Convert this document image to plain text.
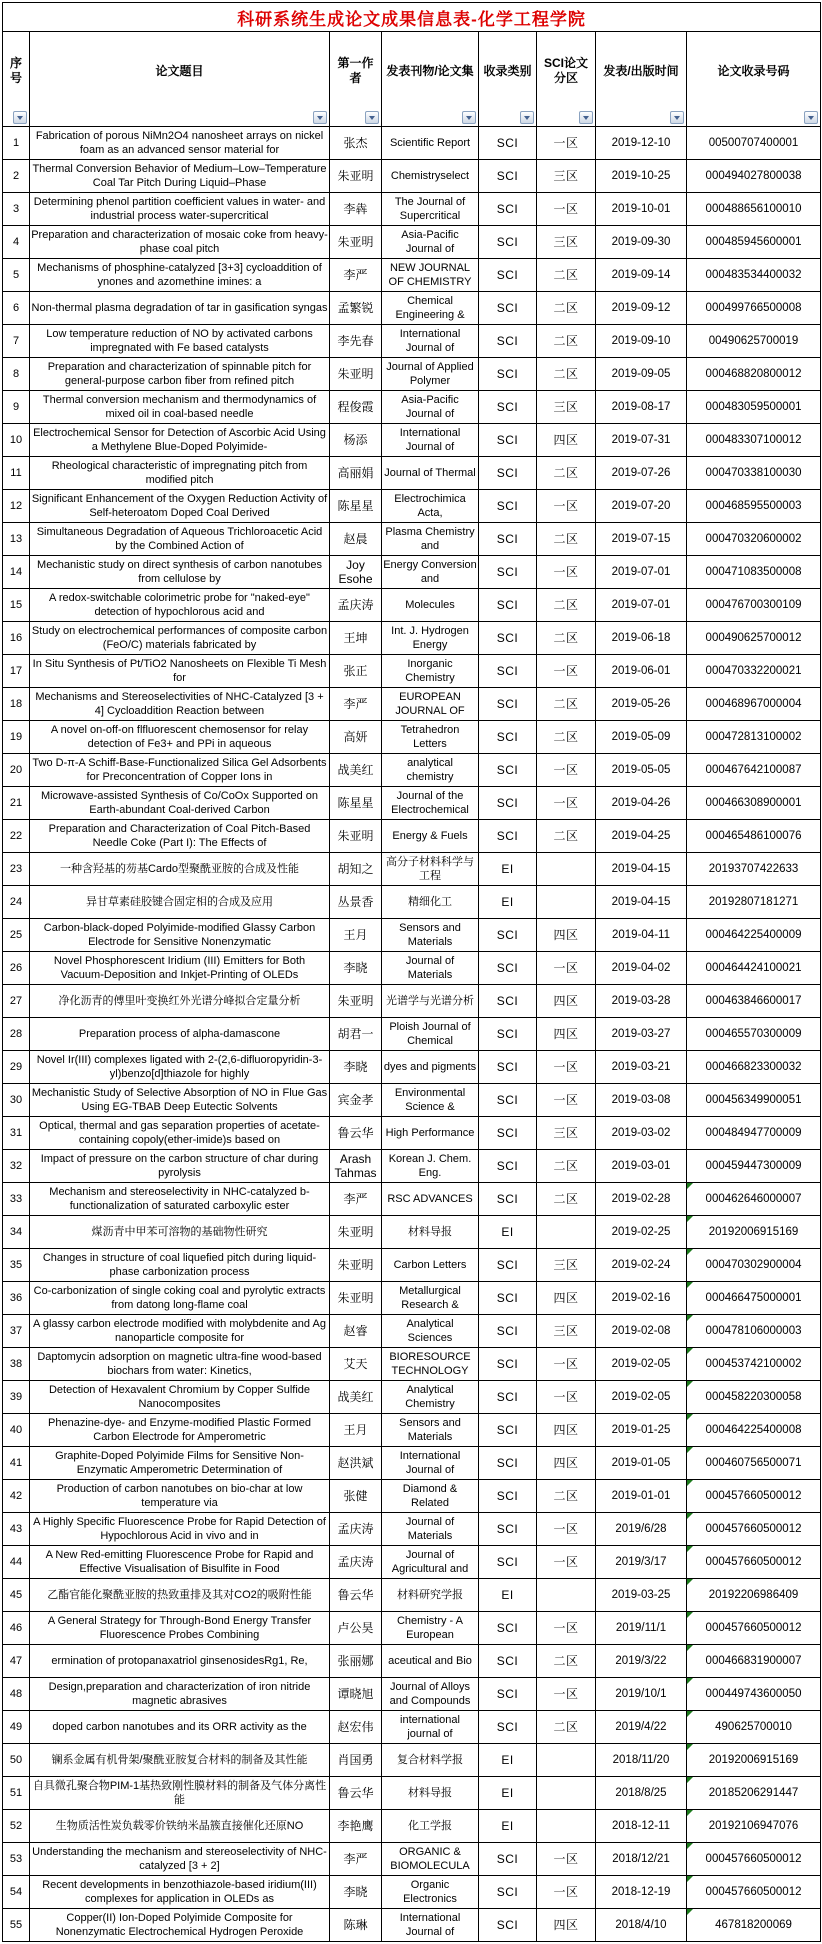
科研系统生成论文成果信息表-化学工程学院							

序号	论文题目	第一作者	发表刊物/论文集	收录类别	SCI论文分区	发表/出版时间	论文收录号码

1	Fabrication of porous NiMn2O4 nanosheet arrays on nickel foam as an advanced sensor material for	张杰	Scientific Report	SCI	一区	2019-12-10	00500707400001

2	Thermal Conversion Behavior of Medium–Low–Temperature Coal Tar Pitch During Liquid–Phase	朱亚明	Chemistryselect	SCI	三区	2019-10-25	000494027800038

3	Determining phenol partition coefficient values in water- and industrial process water-supercritical	李犇	The Journal of Supercritical	SCI	一区	2019-10-01	000488656100010

4	Preparation and characterization of mosaic coke from heavy-phase coal pitch	朱亚明	Asia-Pacific Journal of	SCI	三区	2019-09-30	000485945600001

5	Mechanisms of phosphine-catalyzed [3+3] cycloaddition of ynones and azomethine imines: a	李严	NEW JOURNAL OF CHEMISTRY	SCI	二区	2019-09-14	000483534400032

6	Non-thermal plasma degradation of tar in gasification syngas	孟繁锐	Chemical Engineering &	SCI	二区	2019-09-12	000499766500008

7	Low temperature reduction of NO by activated carbons impregnated with Fe based catalysts	李先春	International Journal of	SCI	二区	2019-09-10	00490625700019

8	Preparation and characterization of spinnable pitch for general-purpose carbon fiber from refined pitch	朱亚明	Journal of Applied Polymer	SCI	二区	2019-09-05	000468820800012

9	Thermal conversion mechanism and thermodynamics of mixed oil in coal-based needle	程俊霞	Asia-Pacific Journal of	SCI	三区	2019-08-17	000483059500001

10	Electrochemical Sensor for Detection of Ascorbic Acid Using a Methylene Blue-Doped Polyimide-	杨添	International Journal of	SCI	四区	2019-07-31	000483307100012

11	Rheological characteristic of impregnating pitch from modified pitch	高丽娟	Journal of Thermal	SCI	二区	2019-07-26	000470338100030

12	Significant Enhancement of the Oxygen Reduction Activity of Self-heteroatom Doped Coal Derived	陈星星	Electrochimica Acta,	SCI	一区	2019-07-20	000468595500003

13	Simultaneous Degradation of Aqueous Trichloroacetic Acid by the Combined Action of	赵晨	Plasma Chemistry and	SCI	二区	2019-07-15	000470320600002

14	Mechanistic study on direct synthesis of carbon nanotubes from cellulose by	Joy Esohe	Energy Conversion and	SCI	一区	2019-07-01	000471083500008

15	A redox-switchable colorimetric probe for "naked-eye" detection of hypochlorous acid and	孟庆涛	Molecules	SCI	二区	2019-07-01	000476700300109

16	Study on electrochemical performances of composite carbon (FeO/C) materials fabricated by	王坤	Int. J. Hydrogen Energy	SCI	二区	2019-06-18	000490625700012

17	In Situ Synthesis of Pt/TiO2 Nanosheets on Flexible Ti Mesh for	张正	Inorganic Chemistry	SCI	一区	2019-06-01	000470332200021

18	Mechanisms and Stereoselectivities of NHC-Catalyzed [3 + 4] Cycloaddition Reaction between	李严	EUROPEAN JOURNAL OF	SCI	二区	2019-05-26	000468967000004

19	A novel on-off-on flfluorescent chemosensor for relay detection of Fe3+ and PPi in aqueous	高妍	Tetrahedron Letters	SCI	二区	2019-05-09	000472813100002

20	Two D-π-A Schiff-Base-Functionalized Silica Gel Adsorbents for Preconcentration of Copper Ions in	战美红	analytical chemistry	SCI	一区	2019-05-05	000467642100087

21	Microwave-assisted Synthesis of Co/CoOx Supported on Earth-abundant Coal-derived Carbon	陈星星	Journal of the Electrochemical	SCI	一区	2019-04-26	000466308900001

22	Preparation and Characterization of Coal Pitch-Based Needle Coke (Part I): The Effects of	朱亚明	Energy & Fuels	SCI	二区	2019-04-25	000465486100076

23	一种含羟基的芴基Cardo型聚酰亚胺的合成及性能	胡知之	高分子材料科学与工程	EI		2019-04-15	20193707422633

24	异甘草素硅胶键合固定相的合成及应用	丛景香	精细化工	EI		2019-04-15	20192807181271

25	Carbon-black-doped Polyimide-modified Glassy Carbon Electrode for Sensitive Nonenzymatic	王月	Sensors and Materials	SCI	四区	2019-04-11	000464225400009

26	Novel Phosphorescent Iridium (III) Emitters for Both Vacuum-Deposition and Inkjet-Printing of OLEDs	李晓	Journal of Materials	SCI	一区	2019-04-02	000464424100021

27	净化沥青的傅里叶变换红外光谱分峰拟合定量分析	朱亚明	光谱学与光谱分析	SCI	四区	2019-03-28	000463846600017

28	Preparation process of alpha-damascone	胡君一	Ploish Journal of Chemical	SCI	四区	2019-03-27	000465570300009

29	Novel Ir(III) complexes ligated with 2-(2,6-difluoropyridin-3-yl)benzo[d]thiazole for highly	李晓	dyes and pigments	SCI	一区	2019-03-21	000466823300032

30	Mechanistic Study of Selective Absorption of NO in Flue Gas Using EG-TBAB Deep Eutectic Solvents	宾金孝	Environmental Science &	SCI	一区	2019-03-08	000456349900051

31	Optical, thermal and gas separation properties of acetate-containing copoly(ether-imide)s based on	鲁云华	High Performance	SCI	三区	2019-03-02	000484947700009

32	Impact of pressure on the carbon structure of char during pyrolysis	Arash Tahmas	Korean J. Chem. Eng.	SCI	二区	2019-03-01	000459447300009

33	Mechanism and stereoselectivity in NHC-catalyzed b-functionalization of saturated carboxylic ester	李严	RSC ADVANCES	SCI	二区	2019-02-28	000462646000007

34	煤沥青中甲苯可溶物的基础物性研究	朱亚明	材料导报	EI		2019-02-25	20192006915169

35	Changes in structure of coal liquefied pitch during liquid-phase carbonization process	朱亚明	Carbon Letters	SCI	三区	2019-02-24	000470302900004

36	Co-carbonization of single coking coal and pyrolytic extracts from datong long-flame coal	朱亚明	Metallurgical Research &	SCI	四区	2019-02-16	000466475000001

37	A glassy carbon electrode modified with molybdenite and Ag nanoparticle composite for	赵睿	Analytical Sciences	SCI	三区	2019-02-08	000478106000003

38	Daptomycin adsorption on magnetic ultra-fine wood-based biochars from water: Kinetics,	艾天	BIORESOURCE TECHNOLOGY	SCI	一区	2019-02-05	000453742100002

39	Detection of Hexavalent Chromium by Copper Sulfide Nanocomposites	战美红	Analytical Chemistry	SCI	一区	2019-02-05	000458220300058

40	Phenazine-dye- and Enzyme-modified Plastic Formed Carbon Electrode for Amperometric	王月	Sensors and Materials	SCI	四区	2019-01-25	000464225400008

41	Graphite-Doped Polyimide Films for Sensitive Non-Enzymatic Amperometric Determination of	赵洪斌	International Journal of	SCI	四区	2019-01-05	000460756500071

42	Production of carbon nanotubes on bio-char at low temperature via	张健	Diamond & Related	SCI	二区	2019-01-01	000457660500012

43	A Highly Specific Fluorescence Probe for Rapid Detection of Hypochlorous Acid in vivo and in	孟庆涛	Journal of Materials	SCI	一区	2019/6/28	000457660500012

44	A New Red-emitting Fluorescence Probe for Rapid and Effective Visualisation of Bisulfite in Food	孟庆涛	Journal of Agricultural and	SCI	一区	2019/3/17	000457660500012

45	乙酯官能化聚酰亚胺的热致重排及其对CO2的吸附性能	鲁云华	材料研究学报	EI		2019-03-25	20192206986409

46	A General Strategy for Through-Bond Energy Transfer Fluorescence Probes Combining	卢公昊	Chemistry - A European	SCI	一区	2019/11/1	000457660500012

47	ermination of protopanaxatriol ginsenosidesRg1, Re,	张丽娜	aceutical and Bio	SCI	二区	2019/3/22	000466831900007

48	Design,preparation and characterization of iron nitride magnetic abrasives	谭晓旭	Journal of Alloys and Compounds	SCI	一区	2019/10/1	000449743600050

49	doped carbon nanotubes and its ORR activity as the	赵宏伟	international journal of	SCI	二区	2019/4/22	490625700010

50	镧系金属有机骨架/聚酰亚胺复合材料的制备及其性能	肖国勇	复合材料学报	EI		2018/11/20	20192006915169

51	自具微孔聚合物PIM-1基热致刚性膜材料的制备及气体分离性能	鲁云华	材料导报	EI		2018/8/25	20185206291447

52	生物质活性炭负载零价铁纳米晶簇直接催化还原NO	李艳鹰	化工学报	EI		2018-12-11	20192106947076

53	Understanding the mechanism and stereoselectivity of NHC-catalyzed [3 + 2]	李严	ORGANIC & BIOMOLECULA	SCI	一区	2018/12/21	000457660500012

54	Recent developments in benzothiazole-based iridium(III) complexes for application in OLEDs as	李晓	Organic Electronics	SCI	一区	2018-12-19	000457660500012

55	Copper(II) Ion-Doped Polyimide Composite for Nonenzymatic Electrochemical Hydrogen Peroxide	陈琳	International Journal of	SCI	四区	2018/4/10	467818200069
